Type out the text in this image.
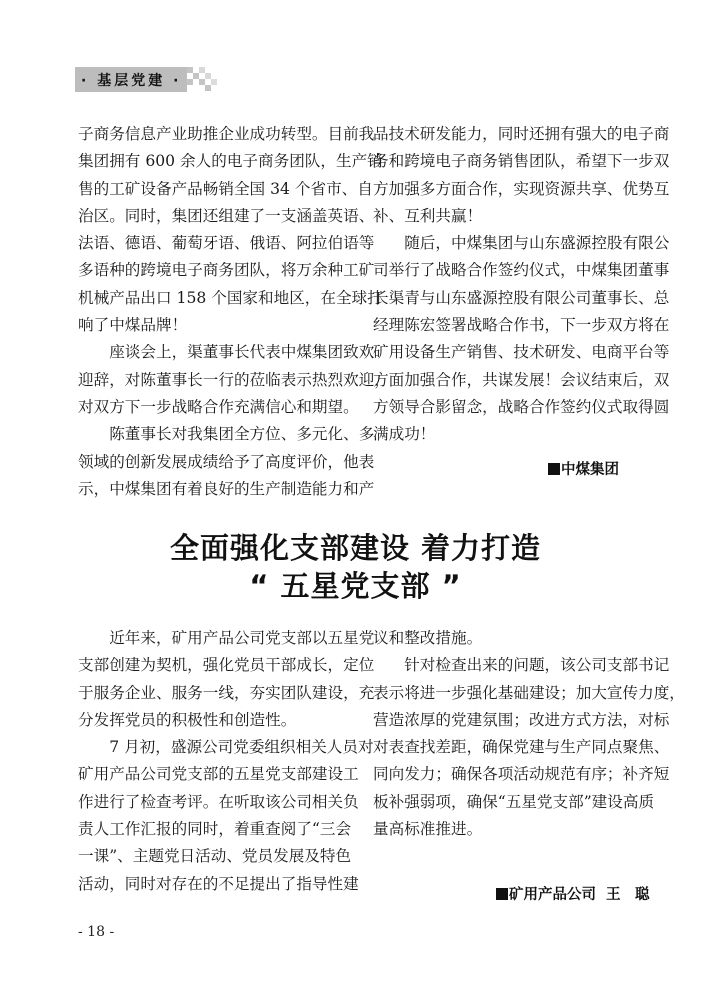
· 基层党建 ·
子商务信息产业助推企业成功转型。目前我
集团拥有 600 余人的电子商务团队，生产销
售的工矿设备产品畅销全国 34 个省市、自
治区。同时，集团还组建了一支涵盖英语、
法语、德语、葡萄牙语、俄语、阿拉伯语等
多语种的跨境电子商务团队，将万余种工矿
机械产品出口 158 个国家和地区，在全球打
响了中煤品牌！
座谈会上，渠董事长代表中煤集团致欢
迎辞，对陈董事长一行的莅临表示热烈欢迎，
对双方下一步战略合作充满信心和期望。
陈董事长对我集团全方位、多元化、多
领域的创新发展成绩给予了高度评价，他表
示，中煤集团有着良好的生产制造能力和产
品技术研发能力，同时还拥有强大的电子商
务和跨境电子商务销售团队，希望下一步双
方加强多方面合作，实现资源共享、优势互
补、互利共赢！
随后，中煤集团与山东盛源控股有限公
司举行了战略合作签约仪式，中煤集团董事
长渠青与山东盛源控股有限公司董事长、总
经理陈宏签署战略合作书，下一步双方将在
矿用设备生产销售、技术研发、电商平台等
方面加强合作，共谋发展！会议结束后，双
方领导合影留念，战略合作签约仪式取得圆
满成功！
中煤集团
全面强化支部建设 着力打造
“ 五星党支部 ”
近年来，矿用产品公司党支部以五星党
支部创建为契机，强化党员干部成长，定位
于服务企业、服务一线，夯实团队建设，充
分发挥党员的积极性和创造性。
7 月初，盛源公司党委组织相关人员对
矿用产品公司党支部的五星党支部建设工
作进行了检查考评。在听取该公司相关负
责人工作汇报的同时，着重查阅了“三会
一课”、主题党日活动、党员发展及特色
活动，同时对存在的不足提出了指导性建
议和整改措施。
针对检查出来的问题，该公司支部书记
表示将进一步强化基础建设；加大宣传力度，
营造浓厚的党建氛围；改进方式方法，对标
对表查找差距，确保党建与生产同点聚焦、
同向发力；确保各项活动规范有序；补齐短
板补强弱项，确保“五星党支部”建设高质
量高标准推进。
矿用产品公司 王　聪
- 18 -
